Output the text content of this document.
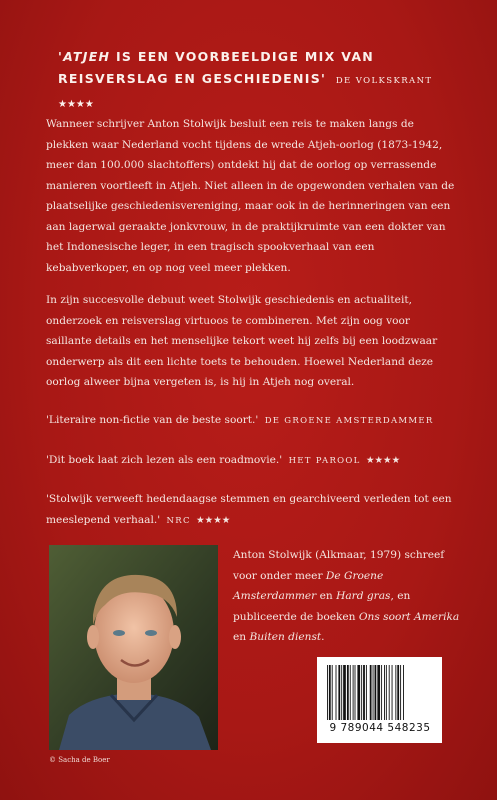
'ATJEH IS EEN VOORBEELDIGE MIX VAN REISVERSLAG EN GESCHIEDENIS' DE VOLKSKRANT ★★★★
Wanneer schrijver Anton Stolwijk besluit een reis te maken langs de plekken waar Nederland vocht tijdens de wrede Atjeh-oorlog (1873-1942, meer dan 100.000 slachtoffers) ontdekt hij dat de oorlog op verrassende manieren voortleeft in Atjeh. Niet alleen in de opgewonden verhalen van de plaatselijke geschiedenisvereniging, maar ook in de herinneringen van een aan lagerwal geraakte jonkvrouw, in de praktijkruimte van een dokter van het Indonesische leger, in een tragisch spookverhaal van een kebabverkoper, en op nog veel meer plekken.
In zijn succesvolle debuut weet Stolwijk geschiedenis en actualiteit, onderzoek en reisverslag virtuoos te combineren. Met zijn oog voor saillante details en het menselijke tekort weet hij zelfs bij een loodzwaar onderwerp als dit een lichte toets te behouden. Hoewel Nederland deze oorlog alweer bijna vergeten is, is hij in Atjeh nog overal.
'Literaire non-fictie van de beste soort.' DE GROENE AMSTERDAMMER
'Dit boek laat zich lezen als een roadmovie.' HET PAROOL ★★★★
'Stolwijk verweeft hedendaagse stemmen en gearchiveerd verleden tot een meeslepend verhaal.' NRC ★★★★
© Sacha de Boer
Anton Stolwijk (Alkmaar, 1979) schreef voor onder meer De Groene Amsterdammer en Hard gras, en publiceerde de boeken Ons soort Amerika en Buiten dienst.
9 789044 548235
